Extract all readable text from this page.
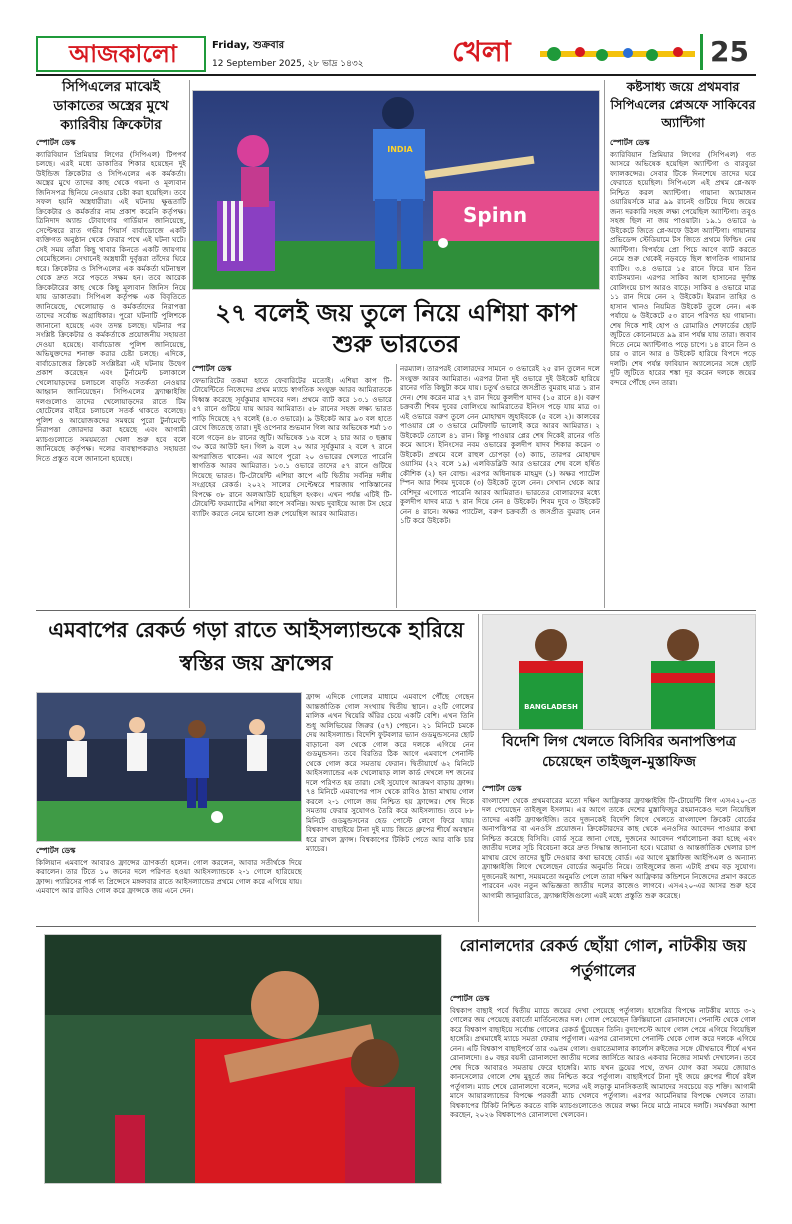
আজকালো	Friday, শুক্রবার
12 September 2025, ২৮ ভাদ্র ১৪৩২	খেলা	25
সিপিএলের মাঝেই ডাকাতের অস্ত্রের মুখে ক্যারিবীয় ক্রিকেটার
স্পোর্টস ডেস্ক
ক্যারিবিয়ান প্রিমিয়ার লিগের (সিপিএল) টিপপর্ব চলছে। এরই মধ্যে ডাকাতির শিকার হয়েছেন দুই উইন্ডিজ ক্রিকেটার ও সিপিএলের এক কর্মকর্তা। অস্ত্রের মুখে তাদের কাছ থেকে গয়না ও মূল্যবান জিনিসপত্র ছিনিয়ে নেওয়ার চেষ্টা করা হয়েছিল। তবে সফল হয়নি অস্ত্রধারীরা। এই ঘটনায় ক্ষুব্ধতাটি ক্রিকেটার ও কর্মকর্তার নাম প্রকাশ করেনি কর্তৃপক্ষ। ত্রিনিদাদ অ্যান্ড টোবাগোর গার্ডিয়ান জানিয়েছে, সেপ্টেম্বরে রাত গভীর পিয়ার্স বার্বাডোজে একটি ব্যক্তিগত অনুষ্ঠান থেকে ফেরার পথে এই ঘটনা ঘটে। সেই সময় তাঁরা কিছু খাবার কিনতে একটি জায়গায় থেমেছিলেন। সেখানেই অস্ত্রধারী দুর্বৃত্তরা তাঁদের ঘিরে ধরে। ক্রিকেটার ও সিপিএলের এক কর্মকর্তা ঘটনাস্থল থেকে দ্রুত সরে পড়তে সক্ষম হন। তবে আরেক ক্রিকেটারের কাছ থেকে কিছু মূল্যবান জিনিস নিয়ে যায় ডাকাতরা। সিপিএল কর্তৃপক্ষ এক বিবৃতিতে জানিয়েছে, খেলোয়াড় ও কর্মকর্তাদের নিরাপত্তা তাদের সর্বোচ্চ অগ্রাধিকার। পুরো ঘটনাটি পুলিশকে জানানো হয়েছে এবং তদন্ত চলছে। ঘটনার পর সংশ্লিষ্ট ক্রিকেটার ও কর্মকর্তাকে প্রয়োজনীয় সহায়তা দেওয়া হয়েছে। বার্বাডোজ পুলিশ জানিয়েছে, অভিযুক্তদের শনাক্ত করার চেষ্টা চলছে। এদিকে, বার্বাডোজের ক্রিকেট সংশ্লিষ্টরা এই ঘটনায় উদ্বেগ প্রকাশ করেছেন এবং টুর্নামেন্ট চলাকালে খেলোয়াড়দের চলাচলে বাড়তি সতর্কতা নেওয়ার আহ্বান জানিয়েছেন। সিপিএলের ফ্র্যাঞ্চাইজি দলগুলোও তাদের খেলোয়াড়দের রাতে টিম হোটেলের বাইরে চলাচলে সতর্ক থাকতে বলেছে। পুলিশ ও আয়োজকদের সমন্বয়ে পুরো টুর্নামেন্টে নিরাপত্তা জোরদার করা হয়েছে এবং আগামী ম্যাচগুলোতে সময়মতো খেলা শুরু হবে বলে জানিয়েছে কর্তৃপক্ষ। দলের ব্যবস্থাপকরাও সহায়তা দিতে প্রস্তুত বলে জানানো হয়েছে।
Spinn
INDIA
২৭ বলেই জয় তুলে নিয়ে এশিয়া কাপ শুরু ভারতের
স্পোর্টস ডেস্ক
ফেভারিটের তকমা হাতে ফেবারিটের মতোই। এশিয়া কাপ টি-টোয়েন্টিতে নিজেদের প্রথম ম্যাচে স্বাগতিক সংযুক্ত আরব আমিরাতকে বিধ্বস্ত করেছে সূর্যকুমার যাদবের দল। প্রথমে ব্যাট করে ১৩.১ ওভারে ৫৭ রানে গুটিয়ে যায় আরব আমিরাত। ৫৮ রানের সহজ লক্ষ্য ভারত পাড়ি দিয়েছে ২৭ বলেই (৪.৩ ওভারে)। ৯ উইকেট আর ৯৩ বল হাতে রেখে জিতেছে তারা। দুই ওপেনার শুভমান গিল আর অভিষেক শর্মা ১৩ বলে গড়েন ৪৮ রানের জুটি। অভিষেক ১৬ বলে ২ চার আর ৩ ছক্কায় ৩০ করে আউট হন। গিল ৯ বলে ২০ আর সূর্যকুমার ২ বলে ৭ রানে অপরাজিত থাকেন। এর আগে পুরো ২০ ওভারের খেলতে পারেনি স্বাগতিক আরব আমিরাত। ১৩.১ ওভারে তাদের ৫৭ রানে গুটিয়ে দিয়েছে ভারত। টি-টোয়েন্টি এশিয়া কাপে এটি দ্বিতীয় সর্বনিম্ন দলীয় সংগ্রহের রেকর্ড। ২০২২ সালের সেপ্টেম্বরে শারজায় পাকিস্তানের বিপক্ষে ৩৮ রানে অলআউট হয়েছিল হংকং। এখন পর্যন্ত এটিই টি-টোয়েন্টি ফরম্যাটের এশিয়া কাপে সর্বনিম্ন। অথচ দুবাইয়ে আজ টস হেরে ব্যাটিং করতে নেমে ভালো শুরু পেয়েছিল আরব আমিরাত।
নরম্যাল। তারপরই বোলারদের সামনে ৩ ওভারেই ২৫ রান তুলেন দলে সংযুক্ত আরব আমিরাত। এরপর টানা দুই ওভারে দুই উইকেট হারিয়ে রানের গতি কিছুটা কমে যায়। চতুর্থ ওভারে জসপ্রীত বুমরাহ মাত্র ১ রান দেন। শেষ করেন মাত্র ২৭ রান দিয়ে কুলদীপ যাদব (১৫ রানে ৪)। বরুণ চক্রবর্তী শিবম দুবের বোলিংয়ে আমিরাতের ইনিংস পড়ে যায় মাত্র ৩। এই ওভারে বরুণ তুলে নেন মোহাম্মদ জুহাইবকে (৫ বলে ২)। কালবের পাওয়ার প্লে ৩ ওভারে মেটিফাটি ভালোই করে আরব আমিরাত। ২ উইকেটে তোলে ৪১ রান। কিন্তু পাওয়ার প্লের শেষ দিকেই রানের গতি কমে আসে। ইনিংসের নবম ওভারের কুলদীপ যাদব শিকার করেন ৩ উইকেট। প্রথমে বলে রাহুল চোপড়া (৩) ক্যাচ, তারপর মোহাম্মদ ওয়াসিম (২২ বলে ১৯) এলবিডব্লিউ আর ওভারের শেষ বলে হর্ষিত কৌশিক (২) হন বোল্ড। এরপর অধিনায়ক মাহমুদ (১) অক্ষর প্যাটেল স্পিন আর শিবম দুবেকে (৩) উইকেট তুলে নেন। সেখান থেকে আর বেশিদূর এগোতে পারেনি আরব আমিরাত। ভারতের বোলারদের মধ্যে কুলদীপ যাদব মাত্র ৭ রান দিয়ে নেন ৪ উইকেট। শিবম দুবে ৩ উইকেট নেন ৪ রানে। অক্ষর প্যাটেল, বরুণ চক্রবর্তী ও জসপ্রীত বুমরাহ নেন ১টি করে উইকেট।
কষ্টসাধ্য জয়ে প্রথমবার সিপিএলের প্লেঅফে সাকিবের অ্যান্টিগা
স্পোর্টস ডেস্ক
ক্যারিবিয়ান প্রিমিয়ার লিগের (সিপিএল) গত আসরে অভিষেক হয়েছিল অ্যান্টিগা ও বারবুডা ফ্যালকন্সের। সেবার টিকে দিনশেষে তাদের ঘরে ফেরাতে হয়েছিল। সিপিএলে এই প্রথম প্লে-অফ নিশ্চিত করল অ্যান্টিগা। গায়ানা অ্যামাজন ওয়ারিয়র্সকে মাত্র ৯৯ রানেই গুটিয়ে দিয়ে জয়ের জন্য দরকারি সহজ লক্ষ্য পেয়েছিল অ্যান্টিগা। তবুও সহজ ছিল না জয় পাওয়াটা। ১৯.১ ওভারে ৬ উইকেটে জিতে প্লে-অফে উঠল অ্যান্টিগা। গায়ানার প্রভিডেন্স স্টেডিয়ামে টস জিতে প্রথমে ফিল্ডিং নেয় অ্যান্টিগা। বিপর্যয়ে প্রো পিচে আগে ব্যাট করতে নেমে শুরু থেকেই নড়বড়ে ছিল স্বাগতিক গায়ানার ব্যাটিং। ৩.৪ ওভারে ১৫ রানে ফিরে যান তিন ব্যাটসম্যান। এরপর সাকিব আল হাসানের দুর্দান্ত বোলিংয়ে চাপ আরও বাড়ে। সাকিব ৪ ওভারে মাত্র ১১ রান দিয়ে নেন ২ উইকেট। ইমরান তাহির ও হাসান খানও নিয়মিত উইকেট তুলে নেন। এক পর্যায়ে ৬ উইকেটে ৫৩ রানে পরিণত হয় গায়ানা। শেষ দিকে শাই হোপ ও রোমারিও শেফার্ডের ছোট জুটিতে কোনোমতে ৯৯ রান পর্যন্ত যায় তারা। জবাব দিতে নেমে অ্যান্টিগাও পড়ে চাপে। ১৪ রানে তিন ও চার ৩ রানে আর ৪ উইকেট হারিয়ে বিপদে পড়ে দলটি। শেষ পর্যন্ত ফাবিয়ান অ্যালেনের সঙ্গে ছোট দুটি জুটিতে হারের শঙ্কা দূর করেন দলকে জয়ের বন্দরে পৌঁছে দেন তারা।
এমবাপের রেকর্ড গড়া রাতে আইসল্যান্ডকে হারিয়ে স্বস্তির জয় ফ্রান্সের
ফ্রান্স এদিকে গোলের মাধ্যমে এমবাপে পৌঁছে গেছেন আন্তর্জাতিক গোল সংখ্যায় দ্বিতীয় স্থানে। ৫২টি গোলের মালিক এখন থিয়েরি অঁরির চেয়ে একটি বেশি। এখন তিনি শুধু অলিভিয়ের জিরুর (৫৭) পেছনে। ২১ মিনিটে চমকে দেয় আইসল্যান্ড। বিদেশি ফুটবলার ভ্যান গুডমুন্ডসনের ছোট বাড়ানো বল থেকে গোল করে দলকে এগিয়ে নেন গুডমুন্ডসন। তবে বিরতির ঠিক আগে এমবাপে পেনাল্টি থেকে গোল করে সমতায় ফেরান। দ্বিতীয়ার্ধে ৬২ মিনিটে আইসল্যান্ডের এক খেলোয়াড় লাল কার্ড দেখলে দশ জনের দলে পরিণত হয় তারা। সেই সুযোগে আক্রমণ বাড়ায় ফ্রান্স। ৭৪ মিনিটে এমবাপের পাস থেকে রাবিও ঠান্ডা মাথায় গোল করলে ২-১ গোলে জয় নিশ্চিত হয় ফ্রান্সের। শেষ দিকে সমতায় ফেরার সুযোগও তৈরি করে আইসল্যান্ড। তবে ৮৮ মিনিটে গুডমুন্ডসনের হেড পোস্টে লেগে ফিরে যায়। বিশ্বকাপ বাছাইয়ে টানা দুই ম্যাচ জিতে গ্রুপের শীর্ষে অবস্থান ধরে রাখল ফ্রান্স। বিশ্বকাপের টিকিট পেতে আর বাকি চার ম্যাচের।
স্পোর্টস ডেস্ক
কিলিয়ান এমবাপে আবারও ফ্রান্সের ত্রাণকর্তা হলেন। গোল করলেন, আবার সতীর্থকে দিয়ে করালেন। তার টিতে ১০ জনের দলে পরিণত হওয়া আইসল্যান্ডকে ২-১ গোলে হারিয়েছে ফ্রান্স। প্যারিসের পার্ক দ্য প্রিন্সেসে মঙ্গলবার রাতে আইসল্যান্ডের প্রথমে গোল করে এগিয়ে যায়। এমবাপে আর রাবিও গোল করে ফ্রান্সকে জয় এনে দেন।
BANGLADESH
বিদেশি লিগ খেলতে বিসিবির অনাপত্তিপত্র চেয়েছেন তাইজুল-মুস্তাফিজ
স্পোর্টস ডেস্ক
বাংলাদেশ থেকে প্রথমবারের মতো দক্ষিণ আফ্রিকার ফ্র্যাঞ্চাইজি টি-টোয়েন্টি লিগ এসএ২০-তে দল পেয়েছেন তাইজুল ইসলাম। এর আগে তাকে দেশের মুস্তাফিজুর রহমানকেও দলে নিয়েছিল তাদের একটি ফ্র্যাঞ্চাইজি। তবে দুজনকেই বিদেশি লিগে খেলতে বাংলাদেশ ক্রিকেট বোর্ডের অনাপত্তিপত্র বা এনওসি প্রয়োজন। ক্রিকেটারদের কাছ থেকে এনওসির আবেদন পাওয়ার কথা নিশ্চিত করেছে বিসিবি। বোর্ড সূত্রে জানা গেছে, দুজনের আবেদন পর্যালোচনা করা হচ্ছে এবং জাতীয় দলের সূচি বিবেচনা করে দ্রুত সিদ্ধান্ত জানানো হবে। ঘরোয়া ও আন্তর্জাতিক খেলার চাপ মাথায় রেখে তাদের ছুটি দেওয়ার কথা ভাবছে বোর্ড। এর আগে মুস্তাফিজ আইপিএল ও অন্যান্য ফ্র্যাঞ্চাইজি লিগে খেলেছেন বোর্ডের অনুমতি নিয়ে। তাইজুলের জন্য এটাই প্রথম বড় সুযোগ। দুজনেরই আশা, সময়মতো অনুমতি পেলে তারা দক্ষিণ আফ্রিকার কন্ডিশনে নিজেদের প্রমাণ করতে পারবেন এবং নতুন অভিজ্ঞতা জাতীয় দলের কাজেও লাগবে। এসএ২০-এর আসর শুরু হবে আগামী জানুয়ারিতে, ফ্র্যাঞ্চাইজিগুলো এরই মধ্যে প্রস্তুতি শুরু করেছে।
রোনালদোর রেকর্ড ছোঁয়া গোল, নাটকীয় জয় পর্তুগালের
স্পোর্টস ডেস্ক
বিশ্বকাপ বাছাই পর্বে দ্বিতীয় ম্যাচে জয়ের দেখা পেয়েছে পর্তুগাল। হাঙ্গেরির বিপক্ষে নাটকীয় ম্যাচে ৩-২ গোলের জয় পেয়েছে রবার্তো মার্তিনেজের দল। গোল পেয়েছেন ক্রিস্তিয়ানো রোনালদো। পেনাল্টি থেকে গোল করে বিশ্বকাপ বাছাইয়ে সর্বোচ্চ গোলের রেকর্ড ছুঁয়েছেন তিনি। বুদাপেস্টে আগে গোল পেয়ে এগিয়ে গিয়েছিল হাঙ্গেরি। প্রথমার্ধেই ম্যাচে সমতা ফেরায় পর্তুগাল। এরপর রোনালদো পেনাল্টি থেকে গোল করে দলকে এগিয়ে নেন। এটি বিশ্বকাপ বাছাইপর্বে তার ৩৯তম গোল। গুয়াতেমালার কার্লোস রুইজের সঙ্গে যৌথভাবে শীর্ষে এখন রোনালদো। ৪০ বছর বয়সী রোনালদো জাতীয় দলের জার্সিতে আরও একবার নিজের সামর্থ্য দেখালেন। তবে শেষ দিকে আবারও সমতায় ফেরে হাঙ্গেরি। ম্যাচ যখন ড্রয়ের পথে, তখন যোগ করা সময়ে জোয়াও কানসেলোর গোলে শেষ মুহূর্তে জয় নিশ্চিত করে পর্তুগাল। বাছাইপর্বে টানা দুই জয়ে গ্রুপের শীর্ষে রইল পর্তুগাল। ম্যাচ শেষে রোনালদো বলেন, দলের এই লড়াকু মানসিকতাই আমাদের সবচেয়ে বড় শক্তি। আগামী মাসে আয়ারল্যান্ডের বিপক্ষে পরবর্তী ম্যাচ খেলবে পর্তুগাল। এরপর আর্মেনিয়ার বিপক্ষে খেলবে তারা। বিশ্বকাপের টিকিট নিশ্চিত করতে বাকি ম্যাচগুলোতেও জয়ের লক্ষ্য নিয়ে মাঠে নামবে দলটি। সমর্থকরা আশা করছেন, ২০২৬ বিশ্বকাপেও রোনালদো খেলবেন।
